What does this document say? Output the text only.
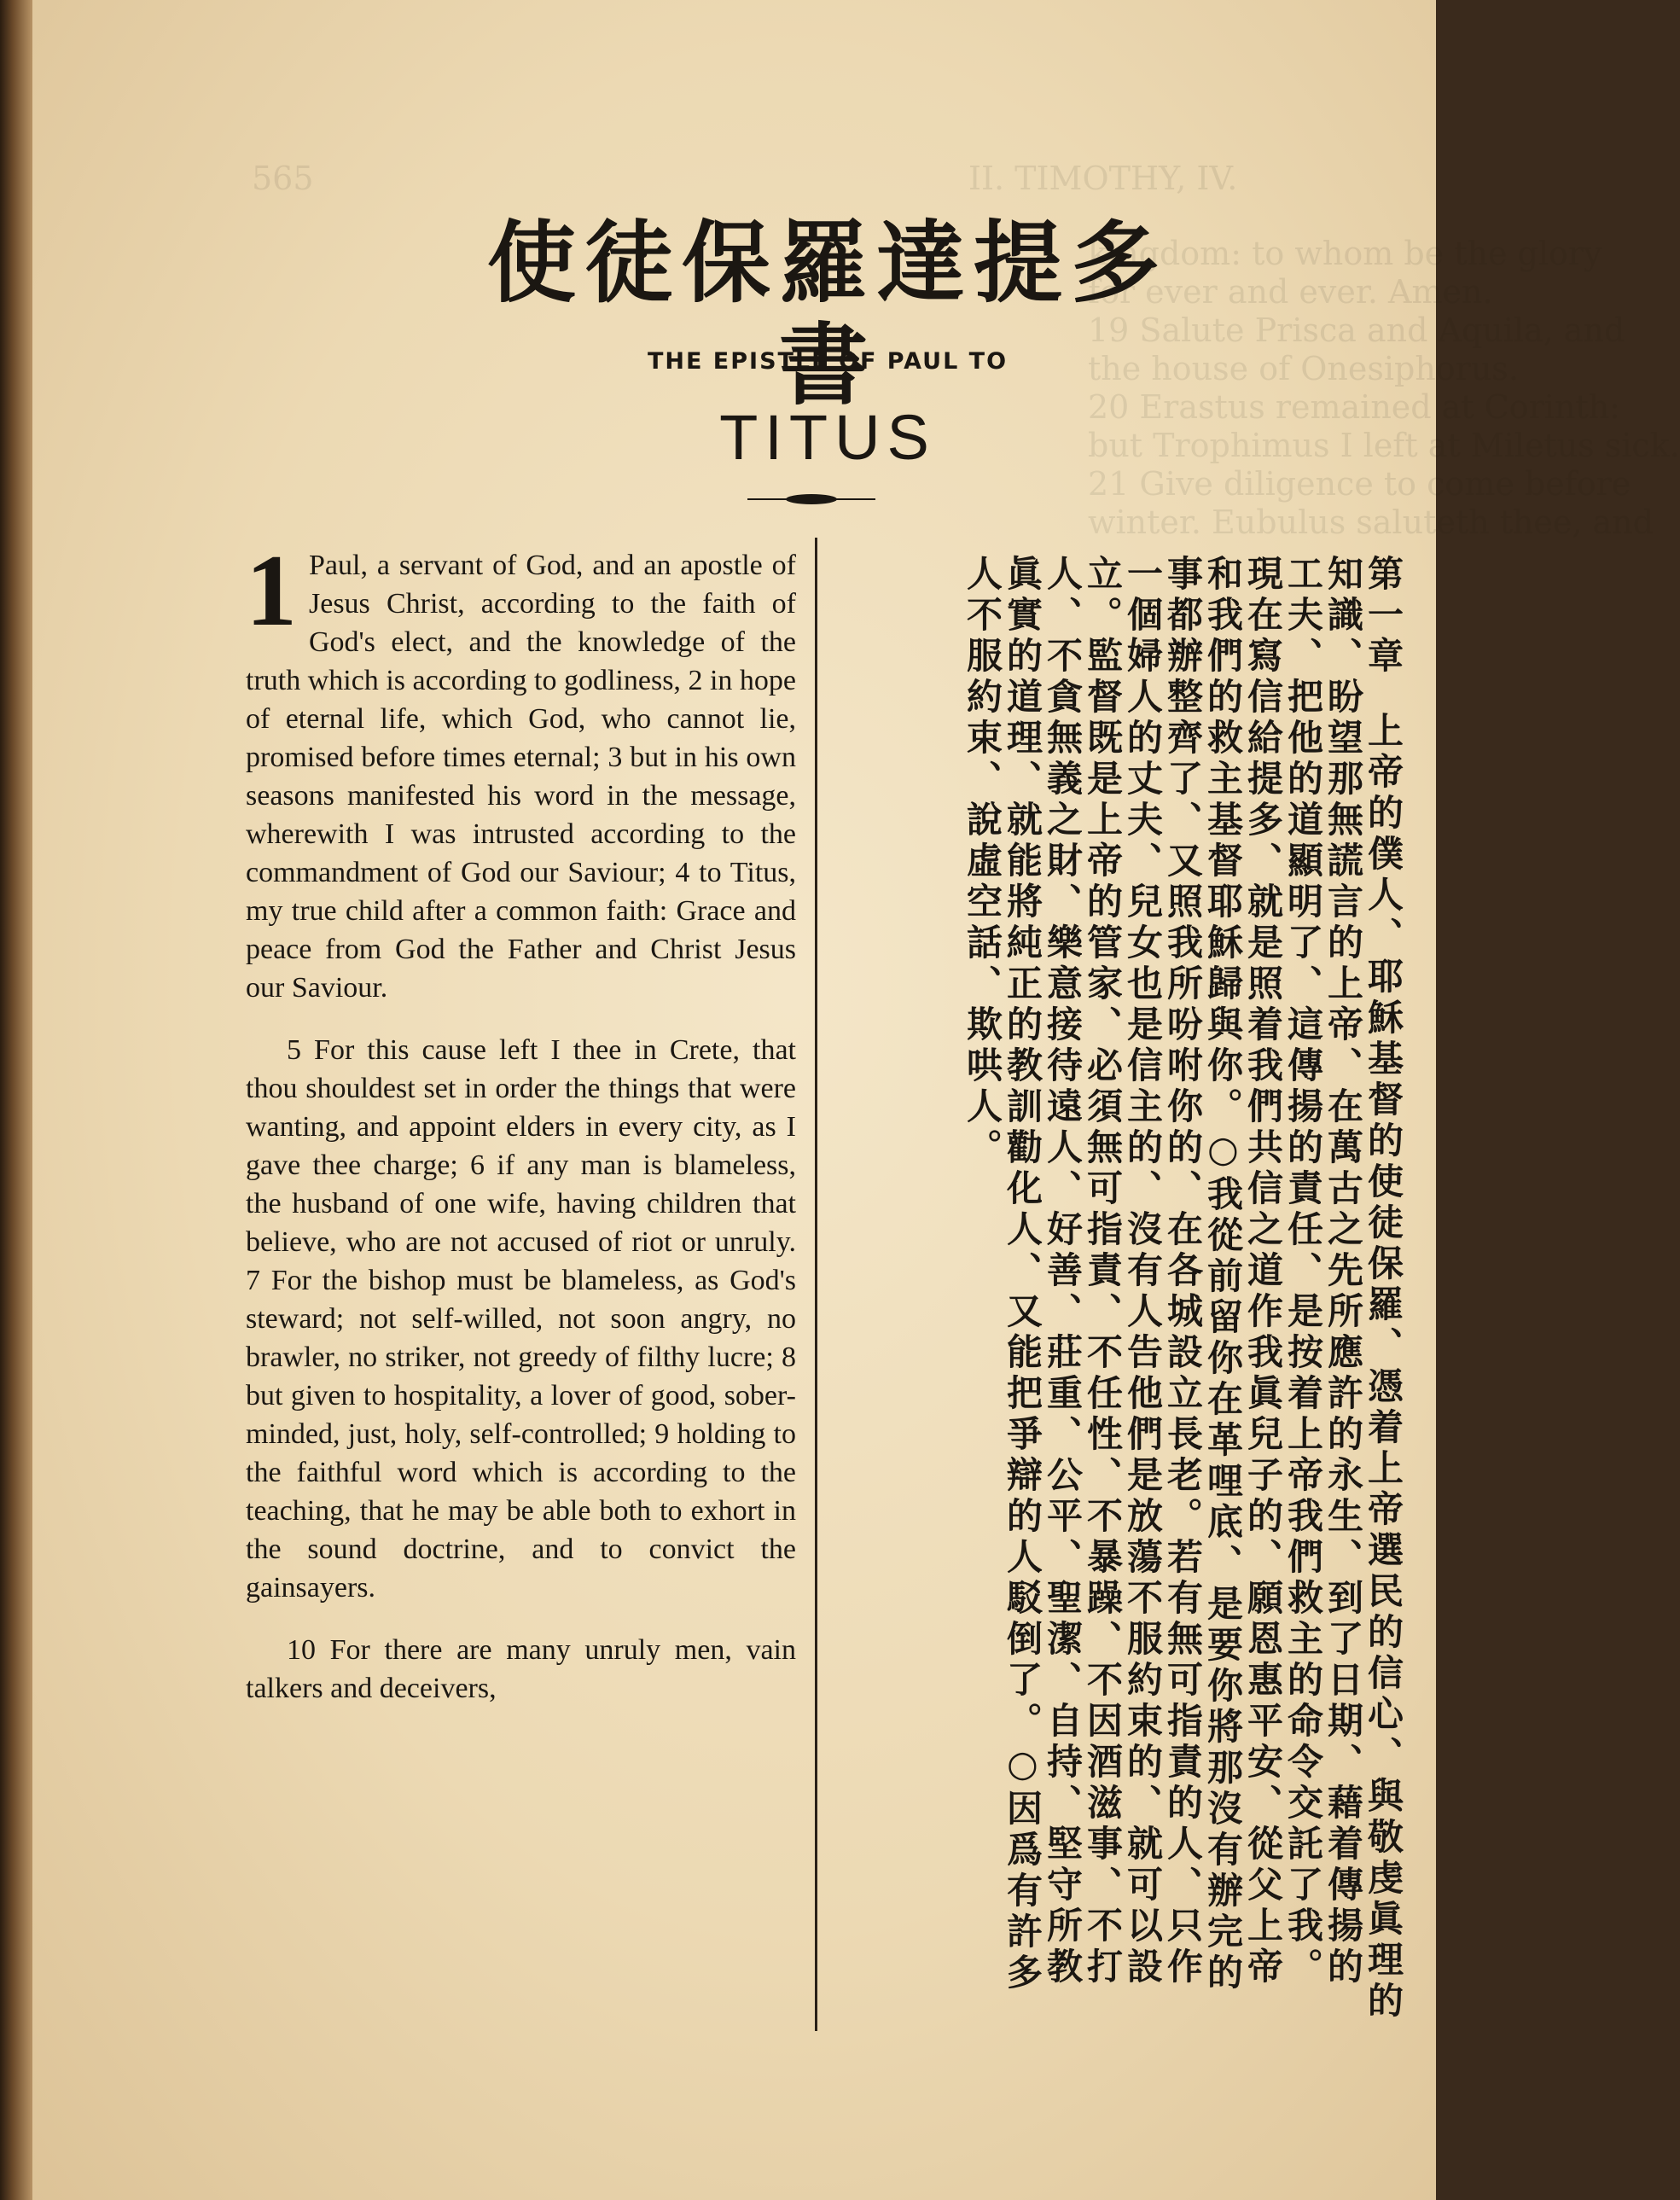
II. TIMOTHY, IV.
565
kingdom: to whom be the glory
for ever and ever. Amen.
19 Salute Prisca and Aquila, and
the house of Onesiphorus.
20 Erastus remained at Corinth:
but Trophimus I left at Miletus sick.
21 Give diligence to come before
winter. Eubulus saluteth thee, and
使徒保羅達提多書
THE EPISTLE OF PAUL TO
TITUS

1 Paul, a servant of God, and an apostle of Jesus Christ, according to the faith of God's elect, and the knowledge of the truth which is according to godliness, 2 in hope of eternal life, which God, who cannot lie, promised before times eternal; 3 but in his own seasons manifested his word in the message, wherewith I was intrusted according to the commandment of God our Saviour; 4 to Titus, my true child after a common faith: Grace and peace from God the Father and Christ Jesus our Saviour.

5 For this cause left I thee in Crete, that thou shouldest set in order the things that were wanting, and appoint elders in every city, as I gave thee charge; 6 if any man is blameless, the husband of one wife, having children that believe, who are not accused of riot or unruly. 7 For the bishop must be blameless, as God's steward; not self-willed, not soon angry, no brawler, no striker, not greedy of filthy lucre; 8 but given to hospitality, a lover of good, sober-minded, just, holy, self-controlled; 9 holding to the faithful word which is according to the teaching, that he may be able both to exhort in the sound doctrine, and to convict the gainsayers.

10 For there are many unruly men, vain talkers and deceivers,

第一章上帝的僕人、耶穌基督的使徒保羅、憑着上帝選民的信心、與敬虔眞理的知識、盼望那無謊言的上帝、在萬古之先所應許的永生、到了日期、藉着傳揚的工夫、把他的道顯明了、這傳揚的責任、是按着上帝我們救主的命令交託了我。現在寫信給提多、就是照着我們共信之道作我眞兒子的、願恩惠平安、從父上帝和我們的救主基督耶穌歸與你。○我從前留你在革哩底、是要你將那沒有辦完的事都辦整齊了、又照我所吩咐你的、在各城設立長老。若有無可指責的人、只作一個婦人的丈夫、兒女也是信主的、沒有人告他們是放蕩不服約束的、就可以設立。監督既是上帝的管家、必須無可指責、不任性、不暴躁、不因酒滋事、不打人、不貪無義之財、樂意接待遠人、好善、莊重、公平、聖潔、自持、堅守所教眞實的道理、就能將純正的教訓勸化人、又能把爭辯的人駁倒了。○因爲有許多人不服約束、說虛空話、欺哄人。
